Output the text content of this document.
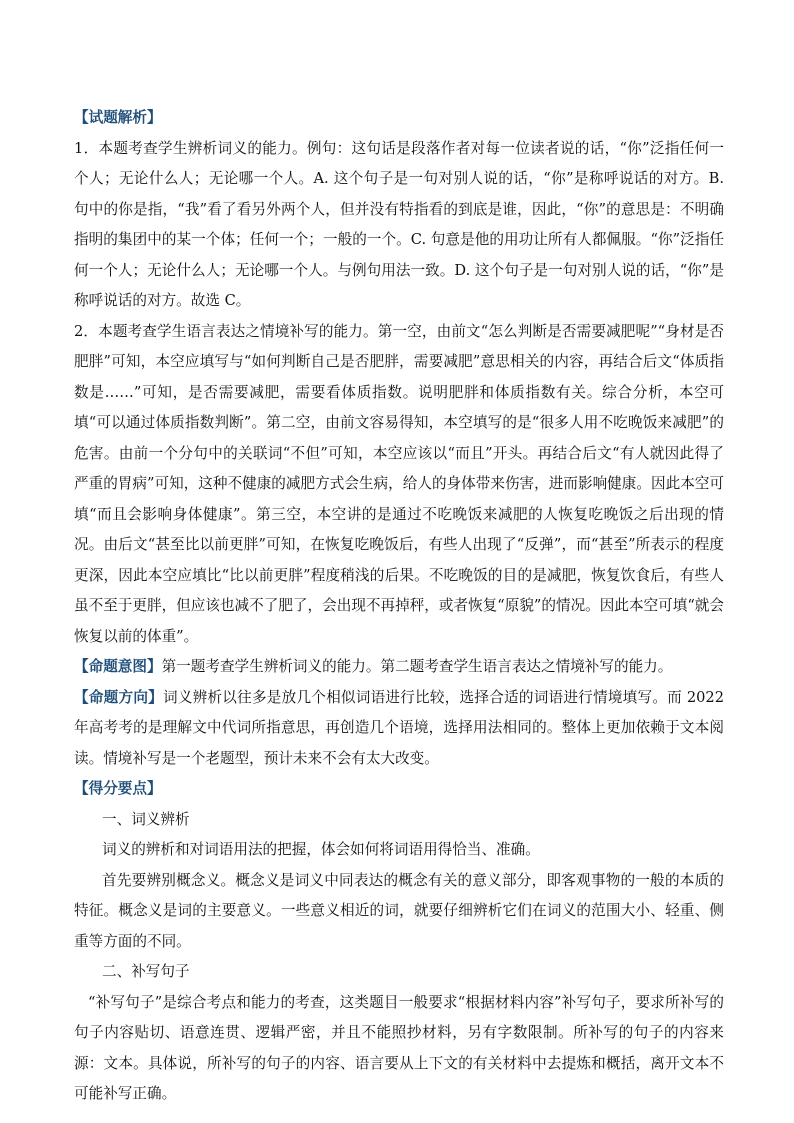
【试题解析】

1．本题考查学生辨析词义的能力。例句：这句话是段落作者对每一位读者说的话，“你”泛指任何一个人；无论什么人；无论哪一个人。A. 这个句子是一句对别人说的话，“你”是称呼说话的对方。B. 句中的你是指，“我”看了看另外两个人，但并没有特指看的到底是谁，因此，“你”的意思是：不明确指明的集团中的某一个体；任何一个；一般的一个。C. 句意是他的用功让所有人都佩服。“你”泛指任何一个人；无论什么人；无论哪一个人。与例句用法一致。D. 这个句子是一句对别人说的话，“你”是称呼说话的对方。故选 C。

2．本题考查学生语言表达之情境补写的能力。第一空，由前文“怎么判断是否需要减肥呢”“身材是否肥胖”可知，本空应填写与“如何判断自己是否肥胖，需要减肥”意思相关的内容，再结合后文“体质指数是……”可知，是否需要减肥，需要看体质指数。说明肥胖和体质指数有关。综合分析，本空可填“可以通过体质指数判断”。第二空，由前文容易得知，本空填写的是“很多人用不吃晚饭来减肥”的危害。由前一个分句中的关联词“不但”可知，本空应该以“而且”开头。再结合后文“有人就因此得了严重的胃病”可知，这种不健康的减肥方式会生病，给人的身体带来伤害，进而影响健康。因此本空可填“而且会影响身体健康”。第三空，本空讲的是通过不吃晚饭来减肥的人恢复吃晚饭之后出现的情况。由后文“甚至比以前更胖”可知，在恢复吃晚饭后，有些人出现了“反弹”，而“甚至”所表示的程度更深，因此本空应填比“比以前更胖”程度稍浅的后果。不吃晚饭的目的是减肥，恢复饮食后，有些人虽不至于更胖，但应该也减不了肥了，会出现不再掉秤，或者恢复“原貌”的情况。因此本空可填“就会恢复以前的体重”。

【命题意图】第一题考查学生辨析词义的能力。第二题考查学生语言表达之情境补写的能力。

【命题方向】词义辨析以往多是放几个相似词语进行比较，选择合适的词语进行情境填写。而 2022 年高考考的是理解文中代词所指意思，再创造几个语境，选择用法相同的。整体上更加依赖于文本阅读。情境补写是一个老题型，预计未来不会有太大改变。

【得分要点】

一、词义辨析

词义的辨析和对词语用法的把握，体会如何将词语用得恰当、准确。

首先要辨别概念义。概念义是词义中同表达的概念有关的意义部分，即客观事物的一般的本质的特征。概念义是词的主要意义。一些意义相近的词，就要仔细辨析它们在词义的范围大小、轻重、侧重等方面的不同。

二、补写句子

“补写句子”是综合考点和能力的考查，这类题目一般要求“根据材料内容”补写句子，要求所补写的句子内容贴切、语意连贯、逻辑严密，并且不能照抄材料，另有字数限制。所补写的句子的内容来源：文本。具体说，所补写的句子的内容、语言要从上下文的有关材料中去提炼和概括，离开文本不可能补写正确。
